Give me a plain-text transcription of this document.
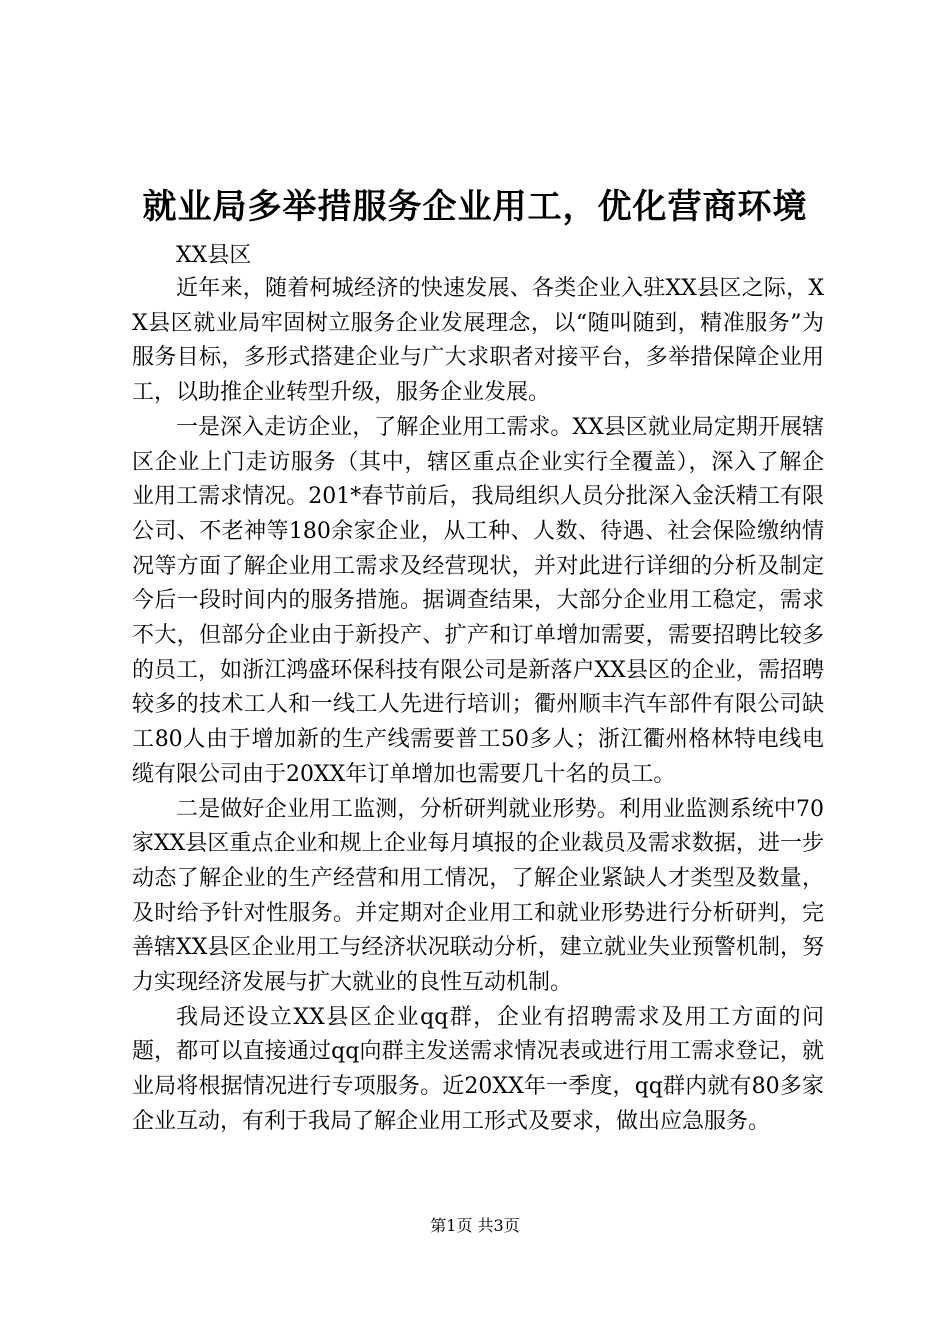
就业局多举措服务企业用工，优化营商环境

XX县区

近年来，随着柯城经济的快速发展、各类企业入驻XX县区之际，XX县区就业局牢固树立服务企业发展理念，以“随叫随到，精准服务”为服务目标，多形式搭建企业与广大求职者对接平台，多举措保障企业用工，以助推企业转型升级，服务企业发展。

一是深入走访企业，了解企业用工需求。XX县区就业局定期开展辖区企业上门走访服务（其中，辖区重点企业实行全覆盖），深入了解企业用工需求情况。201*春节前后，我局组织人员分批深入金沃精工有限公司、不老神等180余家企业，从工种、人数、待遇、社会保险缴纳情况等方面了解企业用工需求及经营现状，并对此进行详细的分析及制定今后一段时间内的服务措施。据调查结果，大部分企业用工稳定，需求不大，但部分企业由于新投产、扩产和订单增加需要，需要招聘比较多的员工，如浙江鸿盛环保科技有限公司是新落户XX县区的企业，需招聘较多的技术工人和一线工人先进行培训；衢州顺丰汽车部件有限公司缺工80人由于增加新的生产线需要普工50多人；浙江衢州格林特电线电缆有限公司由于20XX年订单增加也需要几十名的员工。

二是做好企业用工监测，分析研判就业形势。利用业监测系统中70家XX县区重点企业和规上企业每月填报的企业裁员及需求数据，进一步动态了解企业的生产经营和用工情况，了解企业紧缺人才类型及数量，及时给予针对性服务。并定期对企业用工和就业形势进行分析研判，完善辖XX县区企业用工与经济状况联动分析，建立就业失业预警机制，努力实现经济发展与扩大就业的良性互动机制。

我局还设立XX县区企业qq群，企业有招聘需求及用工方面的问题，都可以直接通过qq向群主发送需求情况表或进行用工需求登记，就业局将根据情况进行专项服务。近20XX年一季度，qq群内就有80多家企业互动，有利于我局了解企业用工形式及要求，做出应急服务。

第1页 共3页
